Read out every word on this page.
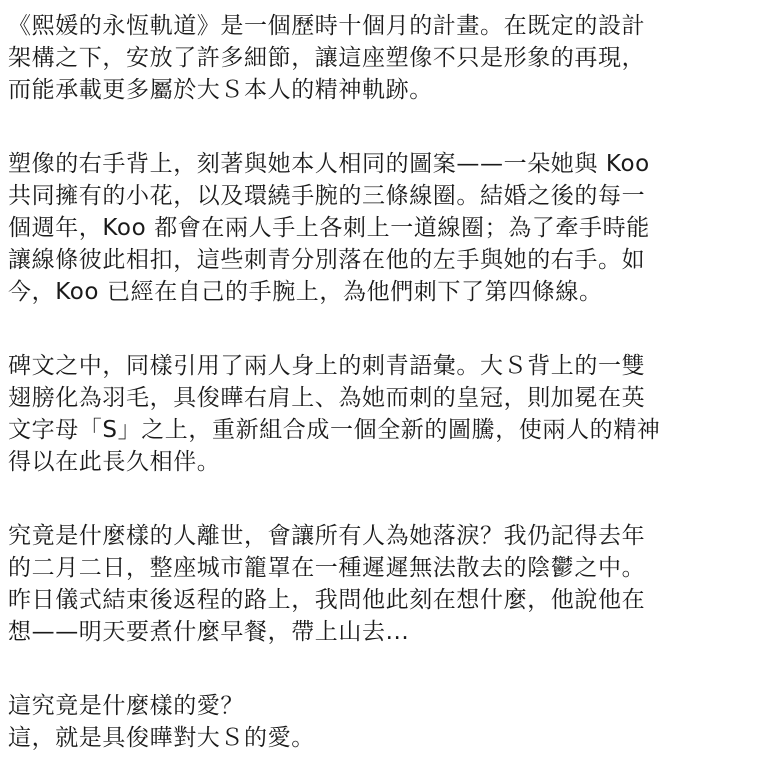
《熙媛的永恆軌道》是一個歷時十個月的計畫。在既定的設計
架構之下，安放了許多細節，讓這座塑像不只是形象的再現，
而能承載更多屬於大Ｓ本人的精神軌跡。

塑像的右手背上，刻著與她本人相同的圖案——一朵她與 Koo
共同擁有的小花，以及環繞手腕的三條線圈。結婚之後的每一
個週年，Koo 都會在兩人手上各刺上一道線圈；為了牽手時能
讓線條彼此相扣，這些刺青分別落在他的左手與她的右手。如
今，Koo 已經在自己的手腕上，為他們刺下了第四條線。

碑文之中，同樣引用了兩人身上的刺青語彙。大Ｓ背上的一雙
翅膀化為羽毛，具俊曄右肩上、為她而刺的皇冠，則加冕在英
文字母「S」之上，重新組合成一個全新的圖騰，使兩人的精神
得以在此長久相伴。

究竟是什麼樣的人離世，會讓所有人為她落淚？我仍記得去年
的二月二日，整座城市籠罩在一種遲遲無法散去的陰鬱之中。
昨日儀式結束後返程的路上，我問他此刻在想什麼，他說他在
想——明天要煮什麼早餐，帶上山去...

這究竟是什麼樣的愛？
這，就是具俊曄對大Ｓ的愛。
